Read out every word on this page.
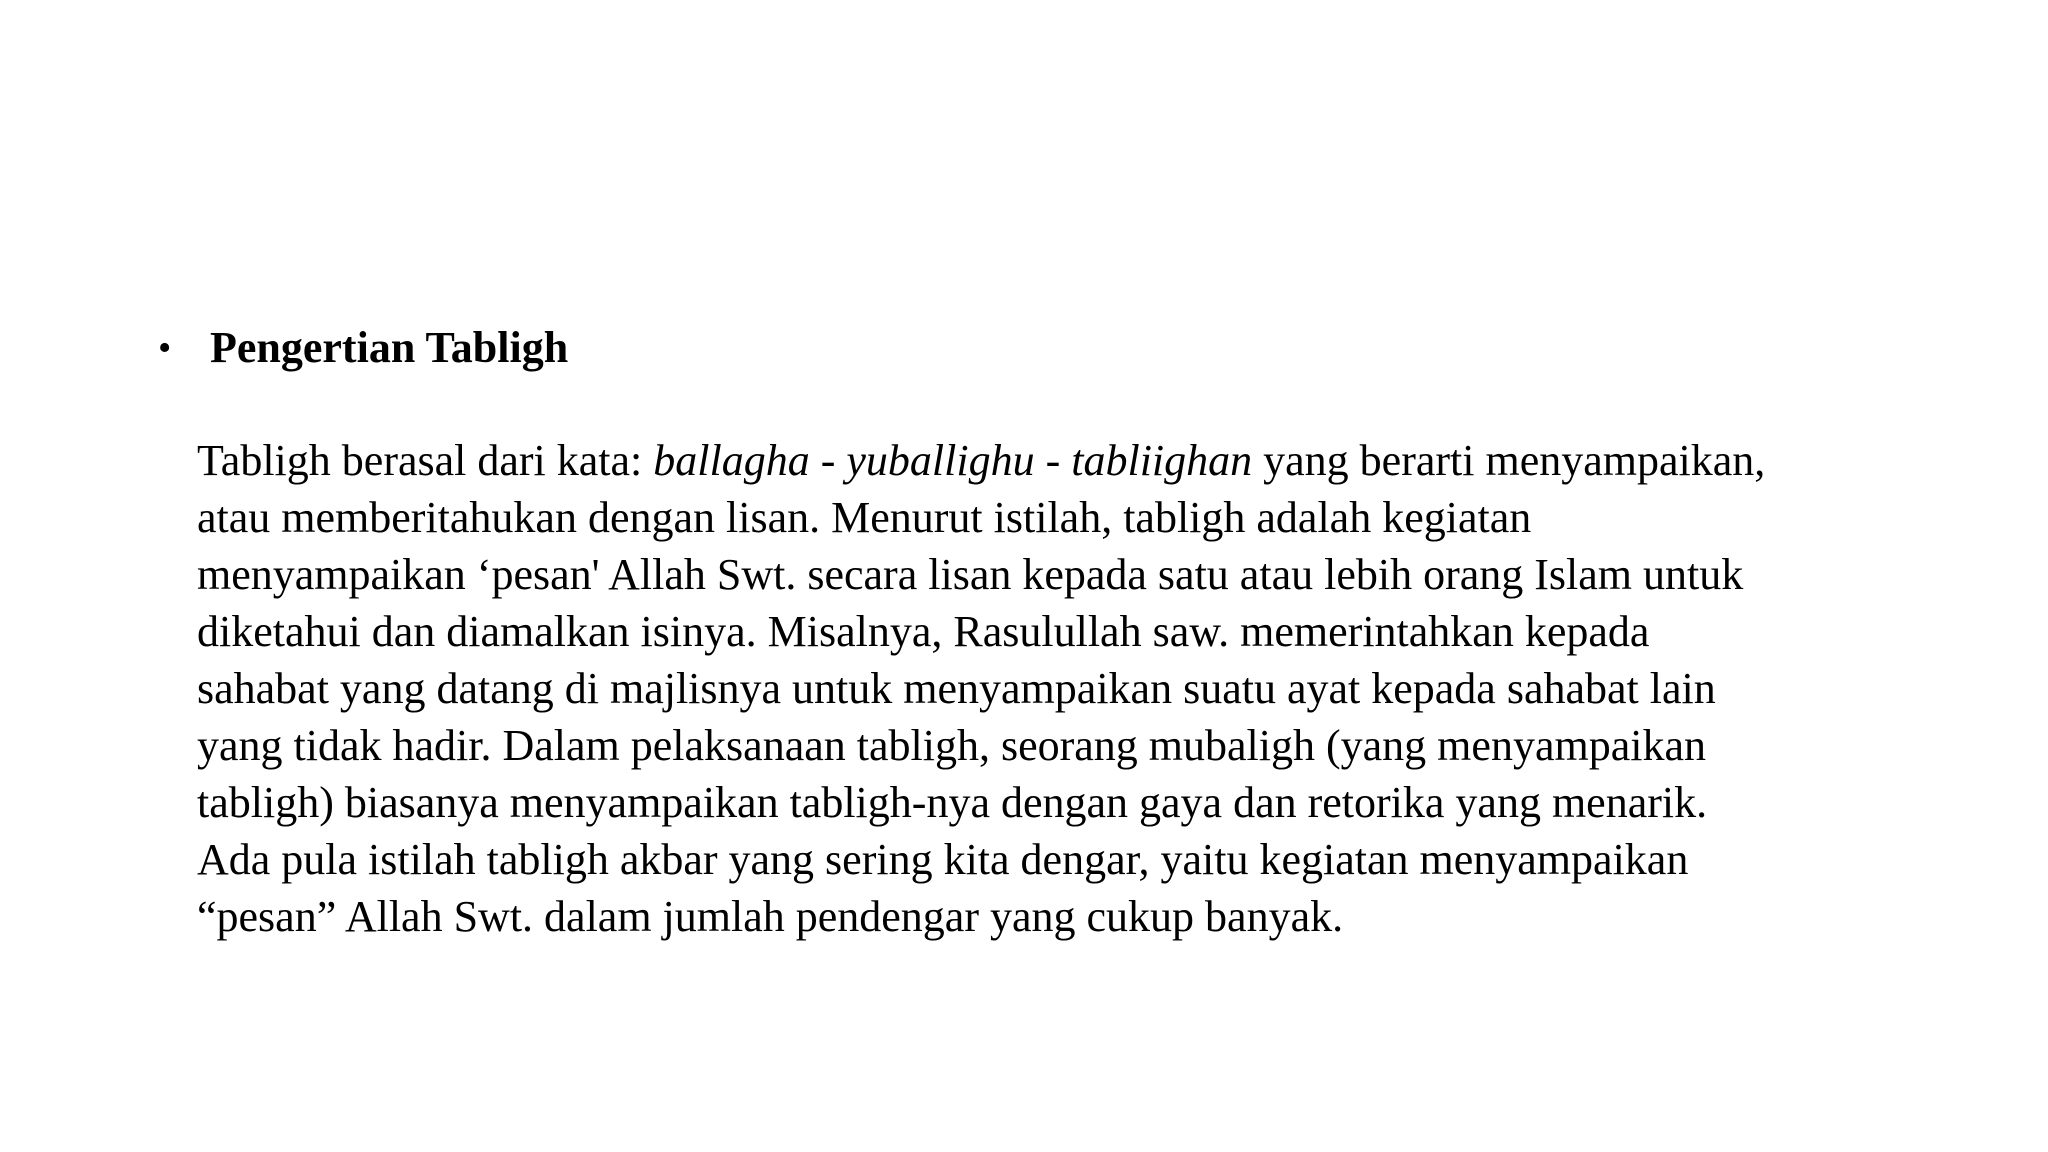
• Pengertian Tabligh
Tabligh berasal dari kata: ballagha - yuballighu - tabliighan yang berarti menyampaikan,
atau memberitahukan dengan lisan. Menurut istilah, tabligh adalah kegiatan
menyampaikan ‘pesan' Allah Swt. secara lisan kepada satu atau lebih orang Islam untuk
diketahui dan diamalkan isinya. Misalnya, Rasulullah saw. memerintahkan kepada
sahabat yang datang di majlisnya untuk menyampaikan suatu ayat kepada sahabat lain
yang tidak hadir. Dalam pelaksanaan tabligh, seorang mubaligh (yang menyampaikan
tabligh) biasanya menyampaikan tabligh-nya dengan gaya dan retorika yang menarik.
Ada pula istilah tabligh akbar yang sering kita dengar, yaitu kegiatan menyampaikan
“pesan” Allah Swt. dalam jumlah pendengar yang cukup banyak.
